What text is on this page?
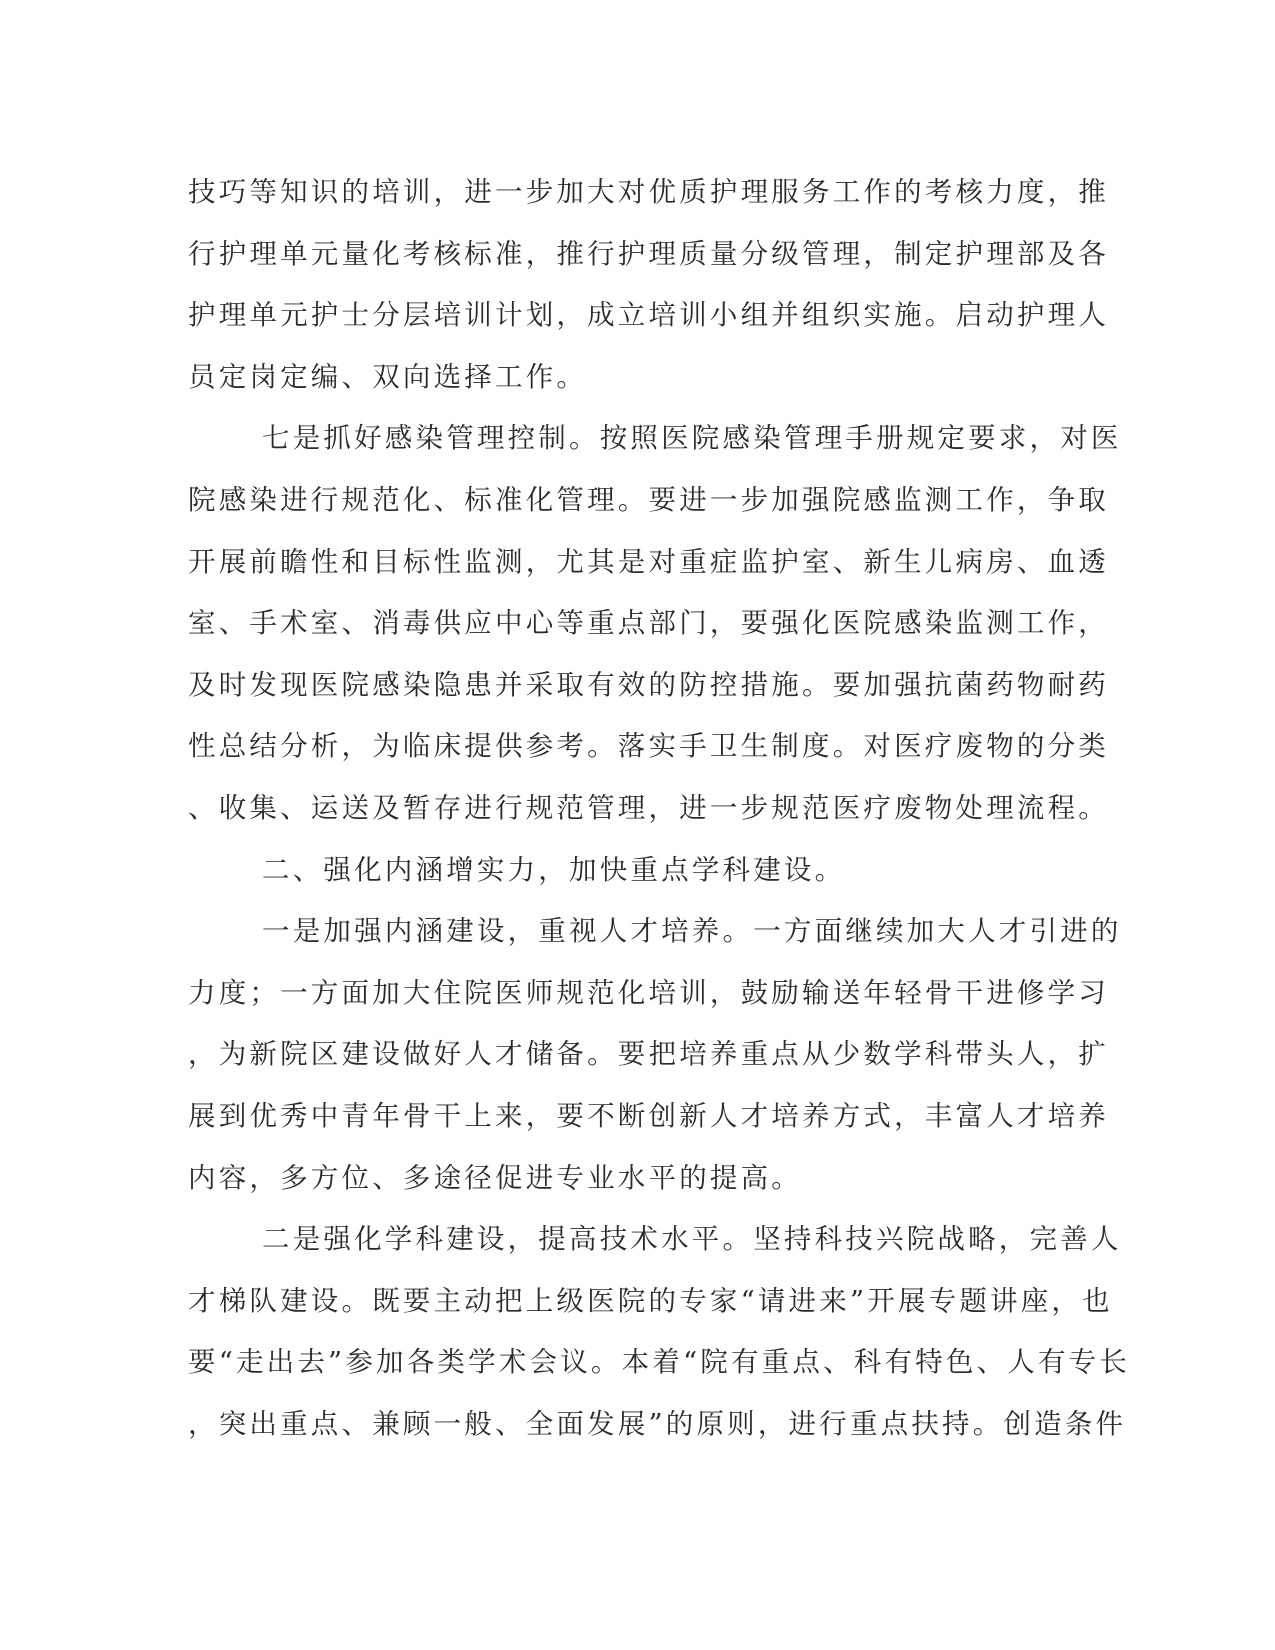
技巧等知识的培训，进一步加大对优质护理服务工作的考核力度，推
行护理单元量化考核标准，推行护理质量分级管理，制定护理部及各
护理单元护士分层培训计划，成立培训小组并组织实施。启动护理人
员定岗定编、双向选择工作。
七是抓好感染管理控制。按照医院感染管理手册规定要求，对医
院感染进行规范化、标准化管理。要进一步加强院感监测工作，争取
开展前瞻性和目标性监测，尤其是对重症监护室、新生儿病房、血透
室、手术室、消毒供应中心等重点部门，要强化医院感染监测工作，
及时发现医院感染隐患并采取有效的防控措施。要加强抗菌药物耐药
性总结分析，为临床提供参考。落实手卫生制度。对医疗废物的分类
、收集、运送及暂存进行规范管理，进一步规范医疗废物处理流程。
二、强化内涵增实力，加快重点学科建设。
一是加强内涵建设，重视人才培养。一方面继续加大人才引进的
力度；一方面加大住院医师规范化培训，鼓励输送年轻骨干进修学习
，为新院区建设做好人才储备。要把培养重点从少数学科带头人，扩
展到优秀中青年骨干上来，要不断创新人才培养方式，丰富人才培养
内容，多方位、多途径促进专业水平的提高。
二是强化学科建设，提高技术水平。坚持科技兴院战略，完善人
才梯队建设。既要主动把上级医院的专家“请进来”开展专题讲座，也
要“走出去”参加各类学术会议。本着“院有重点、科有特色、人有专长
，突出重点、兼顾一般、全面发展”的原则，进行重点扶持。创造条件
